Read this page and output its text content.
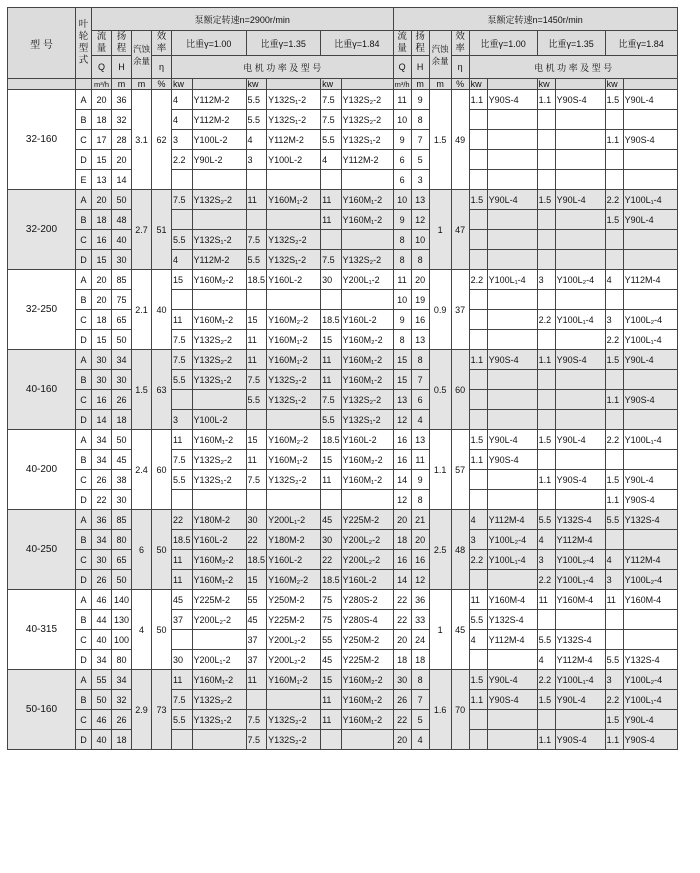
型 号	叶轮型式	泵额定转速n=2900r/min										泵额定转速n=1450r/min									
		流量	扬程	汽蚀余量	效率	比重γ=1.00		比重γ=1.35		比重γ=1.84		流量	扬程	汽蚀余量	效率	比重γ=1.00		比重γ=1.35		比重γ=1.84	
		Q	H		η	电 机 功 率 及 型 号						Q	H		η	电 机 功 率 及 型 号					
		m³/h	m	m	%	kw		kw		kw		m³/h	m	m	%	kw		kw		kw	
32-160	A	20	36	3.1	62	4	Y112M-2	5.5	Y132S₁-2	7.5	Y132S₂-2	11	9	1.5	49	1.1	Y90S-4	1.1	Y90S-4	1.5	Y90L-4
	B	18	32			4	Y112M-2	5.5	Y132S₁-2	7.5	Y132S₂-2	10	8								
	C	17	28			3	Y100L-2	4	Y112M-2	5.5	Y132S₁-2	9	7							1.1	Y90S-4
	D	15	20			2.2	Y90L-2	3	Y100L-2	4	Y112M-2	6	5								
	E	13	14									6	3								
32-200	A	20	50	2.7	51	7.5	Y132S₂-2	11	Y160M₁-2	11	Y160M₁-2	10	13	1	47	1.5	Y90L-4	1.5	Y90L-4	2.2	Y100L₁-4
	B	18	48							11	Y160M₁-2	9	12							1.5	Y90L-4
	C	16	40			5.5	Y132S₁-2	7.5	Y132S₂-2			8	10								
	D	15	30			4	Y112M-2	5.5	Y132S₁-2	7.5	Y132S₂-2	8	8								
32-250	A	20	85	2.1	40	15	Y160M₂-2	18.5	Y160L-2	30	Y200L₁-2	11	20	0.9	37	2.2	Y100L₁-4	3	Y100L₂-4	4	Y112M-4
	B	20	75									10	19								
	C	18	65			11	Y160M₁-2	15	Y160M₂-2	18.5	Y160L-2	9	16					2.2	Y100L₁-4	3	Y100L₂-4
	D	15	50			7.5	Y132S₂-2	11	Y160M₁-2	15	Y160M₂-2	8	13							2.2	Y100L₁-4
40-160	A	30	34	1.5	63	7.5	Y132S₂-2	11	Y160M₁-2	11	Y160M₁-2	15	8	0.5	60	1.1	Y90S-4	1.1	Y90S-4	1.5	Y90L-4
	B	30	30			5.5	Y132S₁-2	7.5	Y132S₂-2	11	Y160M₁-2	15	7								
	C	16	26					5.5	Y132S₁-2	7.5	Y132S₂-2	13	6							1.1	Y90S-4
	D	14	18			3	Y100L-2			5.5	Y132S₁-2	12	4								
40-200	A	34	50	2.4	60	11	Y160M₁-2	15	Y160M₂-2	18.5	Y160L-2	16	13	1.1	57	1.5	Y90L-4	1.5	Y90L-4	2.2	Y100L₁-4
	B	34	45			7.5	Y132S₂-2	11	Y160M₁-2	15	Y160M₂-2	16	11			1.1	Y90S-4				
	C	26	38			5.5	Y132S₁-2	7.5	Y132S₂-2	11	Y160M₁-2	14	9					1.1	Y90S-4	1.5	Y90L-4
	D	22	30									12	8							1.1	Y90S-4
40-250	A	36	85	6	50	22	Y180M-2	30	Y200L₁-2	45	Y225M-2	20	21	2.5	48	4	Y112M-4	5.5	Y132S-4	5.5	Y132S-4
	B	34	80			18.5	Y160L-2	22	Y180M-2	30	Y200L₂-2	18	20			3	Y100L₂-4	4	Y112M-4		
	C	30	65			11	Y160M₂-2	18.5	Y160L-2	22	Y200L₂-2	16	16			2.2	Y100L₁-4	3	Y100L₂-4	4	Y112M-4
	D	26	50			11	Y160M₁-2	15	Y160M₂-2	18.5	Y160L-2	14	12					2.2	Y100L₁-4	3	Y100L₂-4
40-315	A	46	140	4	50	45	Y225M-2	55	Y250M-2	75	Y280S-2	22	36	1	45	11	Y160M-4	11	Y160M-4	11	Y160M-4
	B	44	130			37	Y200L₂-2	45	Y225M-2	75	Y280S-4	22	33			5.5	Y132S-4				
	C	40	100					37	Y200L₂-2	55	Y250M-2	20	24			4	Y112M-4	5.5	Y132S-4		
	D	34	80			30	Y200L₁-2	37	Y200L₂-2	45	Y225M-2	18	18					4	Y112M-4	5.5	Y132S-4
50-160	A	55	34	2.9	73	11	Y160M₁-2	11	Y160M₁-2	15	Y160M₂-2	30	8	1.6	70	1.5	Y90L-4	2.2	Y100L₁-4	3	Y100L₂-4
	B	50	32			7.5	Y132S₂-2			11	Y160M₁-2	26	7			1.1	Y90S-4	1.5	Y90L-4	2.2	Y100L₁-4
	C	46	26			5.5	Y132S₁-2	7.5	Y132S₂-2	11	Y160M₁-2	22	5							1.5	Y90L-4
	D	40	18					7.5	Y132S₂-2			20	4					1.1	Y90S-4	1.1	Y90S-4
